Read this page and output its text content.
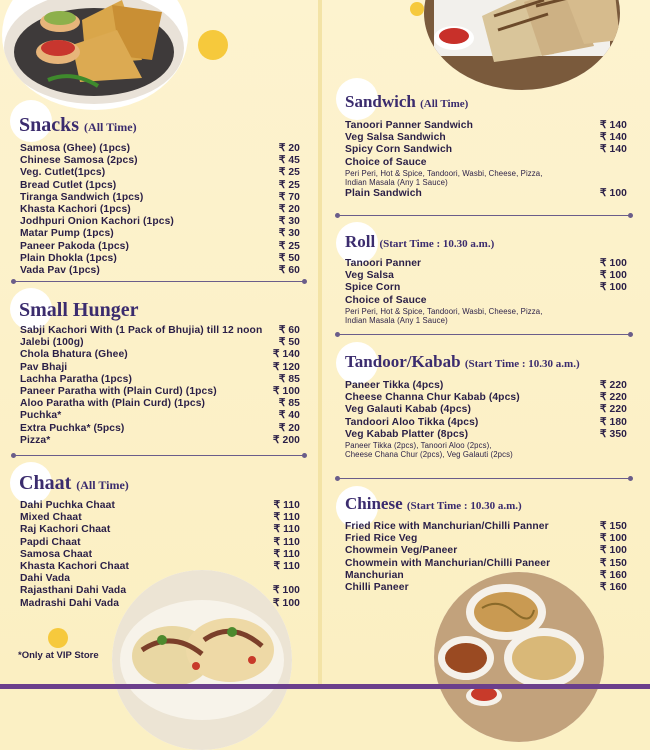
Snacks (All Time)
Samosa (Ghee) (1pcs)	₹ 20
Chinese Samosa (2pcs)	₹ 45
Veg. Cutlet(1pcs)	₹ 25
Bread Cutlet (1pcs)	₹ 25
Tiranga Sandwich (1pcs)	₹ 70
Khasta Kachori (1pcs)	₹ 20
Jodhpuri Onion Kachori (1pcs)	₹ 30
Matar Pump (1pcs)	₹ 30
Paneer Pakoda (1pcs)	₹ 25
Plain Dhokla (1pcs)	₹ 50
Vada Pav (1pcs)	₹ 60
Small Hunger
Sabji Kachori With (1 Pack of Bhujia) till 12 noon ₹ 60
Jalebi (100g)	₹ 50
Chola Bhatura (Ghee)	₹ 140
Pav Bhaji	₹ 120
Lachha Paratha (1pcs)	₹ 85
Paneer Paratha with (Plain Curd) (1pcs)	₹ 100
Aloo Paratha with (Plain Curd) (1pcs)	₹ 85
Puchka*	₹ 40
Extra Puchka* (5pcs)	₹ 20
Pizza*	₹ 200
Chaat (All Time)
Dahi Puchka Chaat	₹ 110
Mixed Chaat	₹ 110
Raj Kachori Chaat	₹ 110
Papdi Chaat	₹ 110
Samosa Chaat	₹ 110
Khasta Kachori Chaat	₹ 110
Dahi Vada
Rajasthani Dahi Vada	₹ 100
Madrashi Dahi Vada	₹ 100
*Only at VIP Store
Sandwich (All Time)
Tanoori Panner Sandwich	₹ 140
Veg Salsa Sandwich	₹ 140
Spicy Corn Sandwich	₹ 140
Choice of Sauce
Peri Peri, Hot & Spice, Tandoori, Wasbi, Cheese, Pizza,
Indian Masala (Any 1 Sauce)
Plain Sandwich	₹ 100
Roll (Start Time : 10.30 a.m.)
Tanoori Panner	₹ 100
Veg Salsa	₹ 100
Spice Corn	₹ 100
Choice of Sauce
Peri Peri, Hot & Spice, Tandoori, Wasbi, Cheese, Pizza,
Indian Masala (Any 1 Sauce)
Tandoor/Kabab (Start Time : 10.30 a.m.)
Paneer Tikka (4pcs)	₹ 220
Cheese Channa Chur Kabab (4pcs)	₹ 220
Veg Galauti Kabab (4pcs)	₹ 220
Tandoori Aloo Tikka (4pcs)	₹ 180
Veg Kabab Platter (8pcs)	₹ 350
Paneer Tikka (2pcs), Tanoori Aloo (2pcs),
Cheese Chana Chur (2pcs), Veg Galauti (2pcs)
Chinese (Start Time : 10.30 a.m.)
Fried Rice with Manchurian/Chilli Panner	₹ 150
Fried Rice Veg	₹ 100
Chowmein Veg/Paneer	₹ 100
Chowmein with Manchurian/Chilli Paneer	₹ 150
Manchurian	₹ 160
Chilli Paneer	₹ 160
